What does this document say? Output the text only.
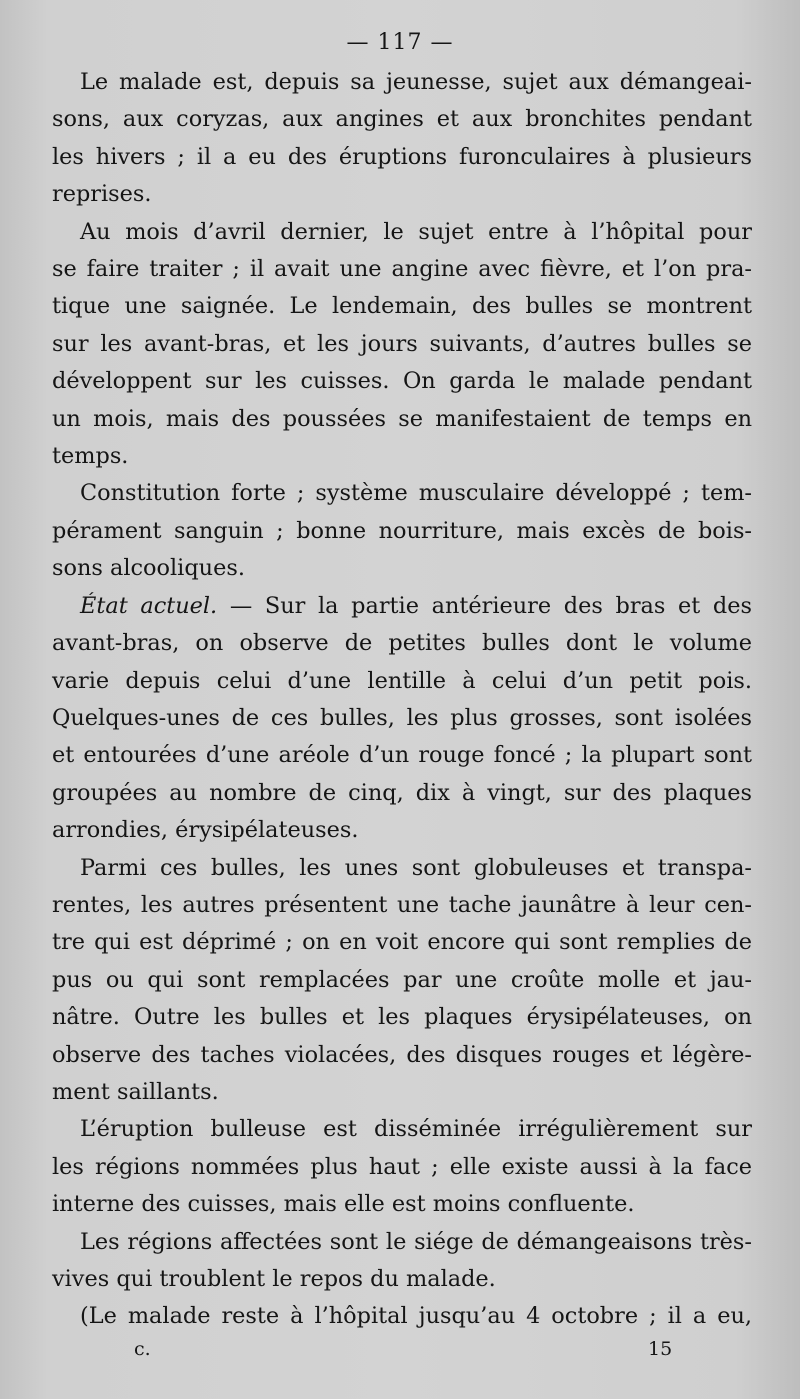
— 117 —

Le malade est, depuis sa jeunesse, sujet aux démangeai-
sons, aux coryzas, aux angines et aux bronchites pendant
les hivers ; il a eu des éruptions furonculaires à plusieurs
reprises.

Au mois d’avril dernier, le sujet entre à l’hôpital pour
se faire traiter ; il avait une angine avec fièvre, et l’on pra-
tique une saignée. Le lendemain, des bulles se montrent
sur les avant-bras, et les jours suivants, d’autres bulles se
développent sur les cuisses. On garda le malade pendant
un mois, mais des poussées se manifestaient de temps en
temps.

Constitution forte ; système musculaire développé ; tem-
pérament sanguin ; bonne nourriture, mais excès de bois-
sons alcooliques.

État actuel. — Sur la partie antérieure des bras et des
avant-bras, on observe de petites bulles dont le volume
varie depuis celui d’une lentille à celui d’un petit pois.
Quelques-unes de ces bulles, les plus grosses, sont isolées
et entourées d’une aréole d’un rouge foncé ; la plupart sont
groupées au nombre de cinq, dix à vingt, sur des plaques
arrondies, érysipélateuses.

Parmi ces bulles, les unes sont globuleuses et transpa-
rentes, les autres présentent une tache jaunâtre à leur cen-
tre qui est déprimé ; on en voit encore qui sont remplies de
pus ou qui sont remplacées par une croûte molle et jau-
nâtre. Outre les bulles et les plaques érysipélateuses, on
observe des taches violacées, des disques rouges et légère-
ment saillants.

L’éruption bulleuse est disséminée irrégulièrement sur
les régions nommées plus haut ; elle existe aussi à la face
interne des cuisses, mais elle est moins confluente.

Les régions affectées sont le siége de démangeaisons très-
vives qui troublent le repos du malade.

(Le malade reste à l’hôpital jusqu’au 4 octobre ; il a eu,

c.	15
